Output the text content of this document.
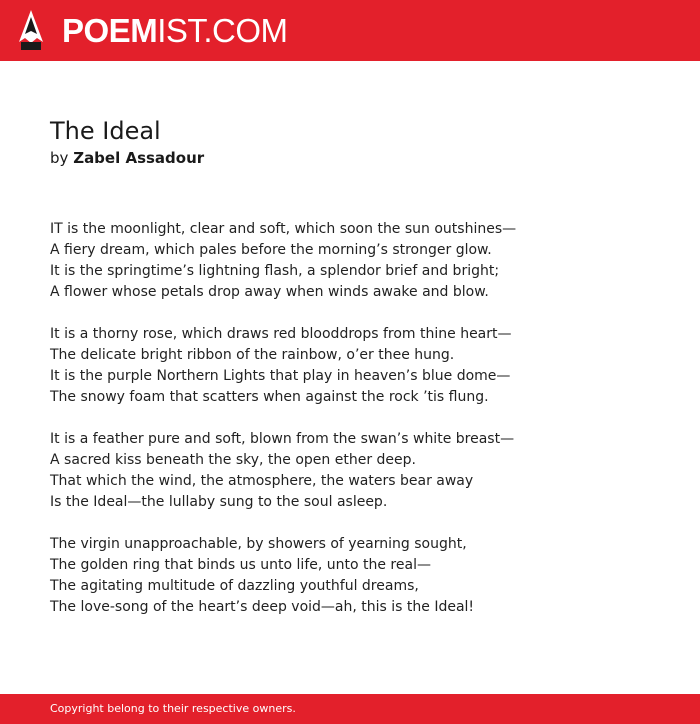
POEMIST.COM
The Ideal
by Zabel Assadour
IT is the moonlight, clear and soft, which soon the sun outshines—
A fiery dream, which pales before the morning’s stronger glow.
It is the springtime’s lightning flash, a splendor brief and bright;
A flower whose petals drop away when winds awake and blow.
It is a thorny rose, which draws red blooddrops from thine heart—
The delicate bright ribbon of the rainbow, o’er thee hung.
It is the purple Northern Lights that play in heaven’s blue dome—
The snowy foam that scatters when against the rock ’tis flung.
It is a feather pure and soft, blown from the swan’s white breast—
A sacred kiss beneath the sky, the open ether deep.
That which the wind, the atmosphere, the waters bear away
Is the Ideal—the lullaby sung to the soul asleep.
The virgin unapproachable, by showers of yearning sought,
The golden ring that binds us unto life, unto the real—
The agitating multitude of dazzling youthful dreams,
The love-song of the heart’s deep void—ah, this is the Ideal!
Copyright belong to their respective owners.
